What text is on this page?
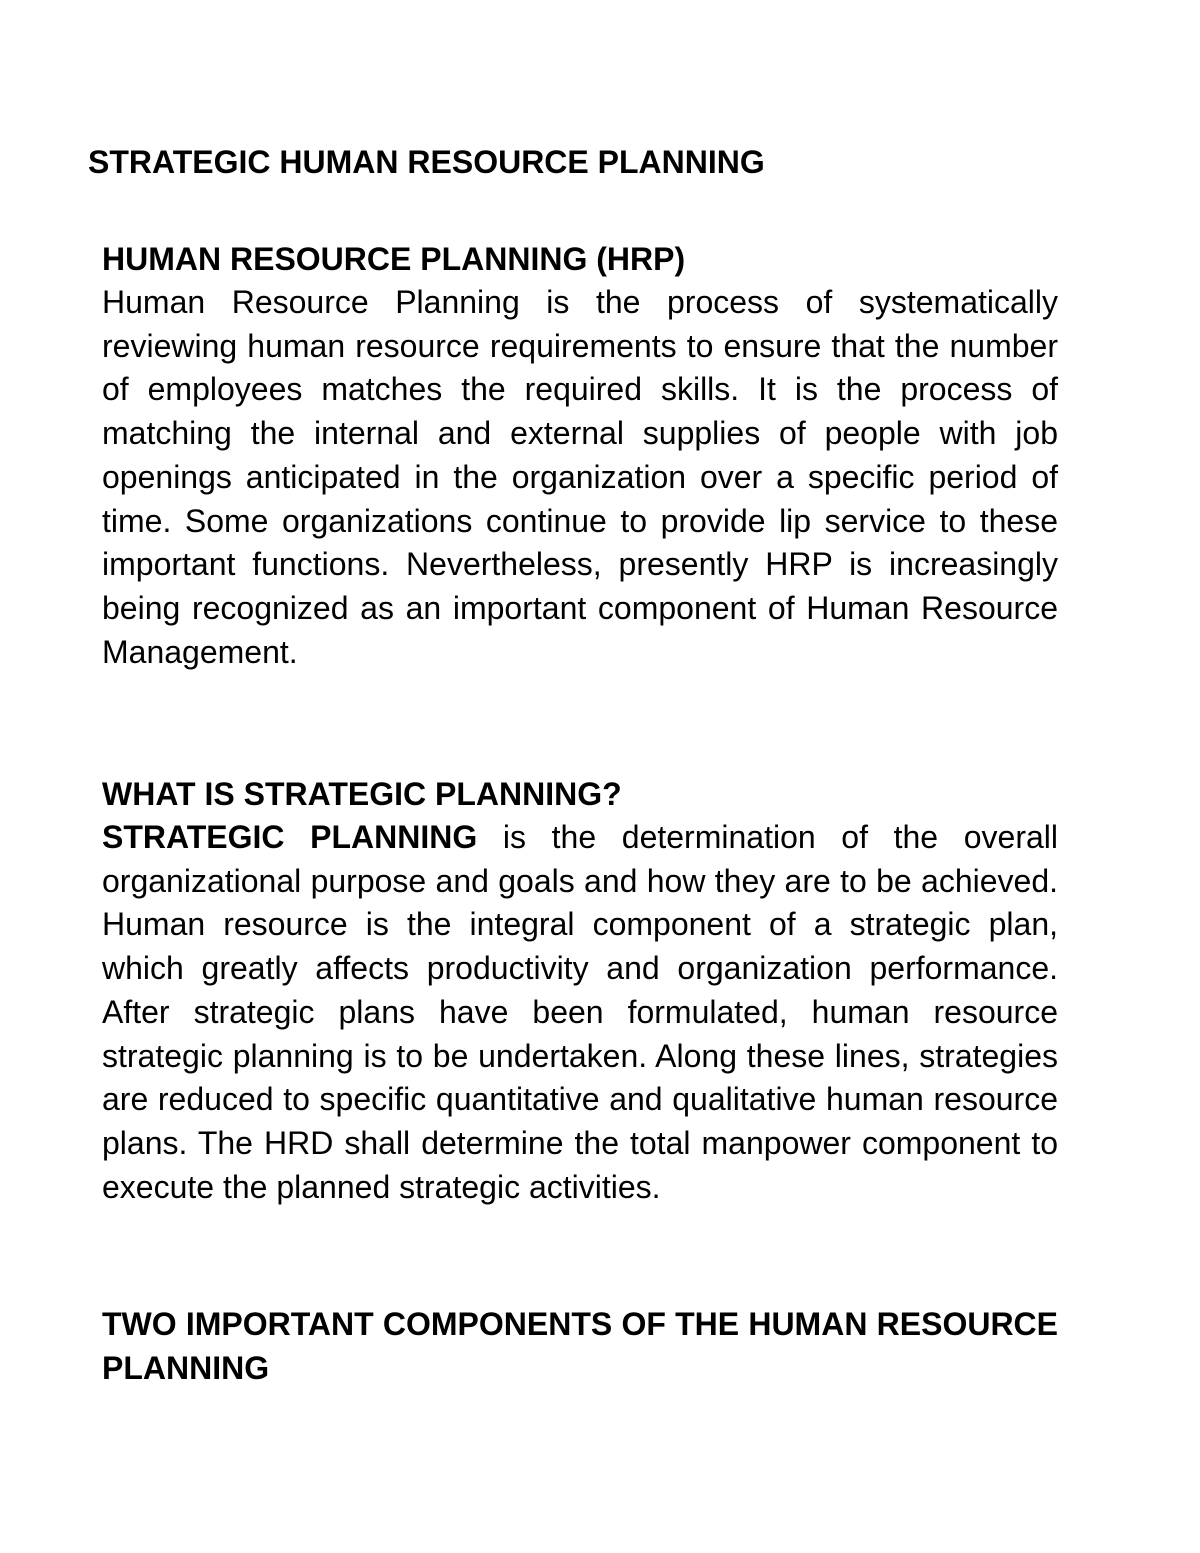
STRATEGIC HUMAN RESOURCE PLANNING
HUMAN RESOURCE PLANNING (HRP)

Human Resource Planning is the process of systematically reviewing human resource requirements to ensure that the number of employees matches the required skills. It is the process of matching the internal and external supplies of people with job openings anticipated in the organization over a specific period of time. Some organizations continue to provide lip service to these important functions. Nevertheless, presently HRP is increasingly being recognized as an important component of Human Resource Management.

WHAT IS STRATEGIC PLANNING?

STRATEGIC PLANNING is the determination of the overall organizational purpose and goals and how they are to be achieved. Human resource is the integral component of a strategic plan, which greatly affects productivity and organization performance. After strategic plans have been formulated, human resource strategic planning is to be undertaken. Along these lines, strategies are reduced to specific quantitative and qualitative human resource plans. The HRD shall determine the total manpower component to execute the planned strategic activities.

TWO IMPORTANT COMPONENTS OF THE HUMAN RESOURCE PLANNING
